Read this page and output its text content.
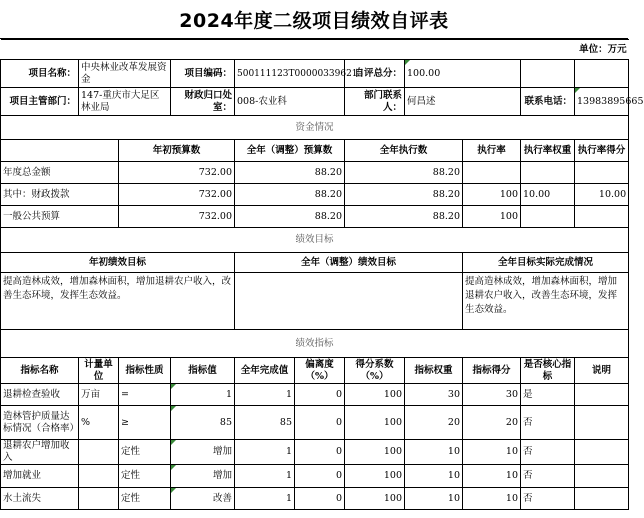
2024年度二级项目绩效自评表
单位：万元										
项目名称：	中央林业改革发展资金		项目编码：	500111123T000003396215		自评总分：	100.00			
项目主管部门：	147-重庆市大足区林业局		财政归口处室：	008-农业科		部门联系人：	何昌述		联系电话：	13983895665
资金情况										
		年初预算数		全年（调整）预算数		全年执行数		执行率	执行率权重	执行率得分
年度总金额		732.00		88.20		88.20				
其中：财政拨款		732.00		88.20		88.20		100	10.00	10.00
一般公共预算		732.00		88.20		88.20		100		
绩效目标										
年初绩效目标				全年（调整）绩效目标				全年目标实际完成情况		
提高造林成效，增加森林面积，增加退耕农户收入，改善生态环境，发挥生态效益。								提高造林成效，增加森林面积，增加退耕农户收入，改善生态环境，发挥生态效益。		
绩效指标										
指标名称	计量单位	指标性质	指标值	全年完成值	偏离度（%）	得分系数（%）	指标权重	指标得分	是否核心指标	说明
退耕检查验收	万亩	=	1	1	0	100	30	30	是	
造林管护质量达标情况（合格率）	%	≥	85	85	0	100	20	20	否	
退耕农户增加收入		定性	增加	1	0	100	10	10	否	
增加就业		定性	增加	1	0	100	10	10	否	
水土流失		定性	改善	1	0	100	10	10	否	
